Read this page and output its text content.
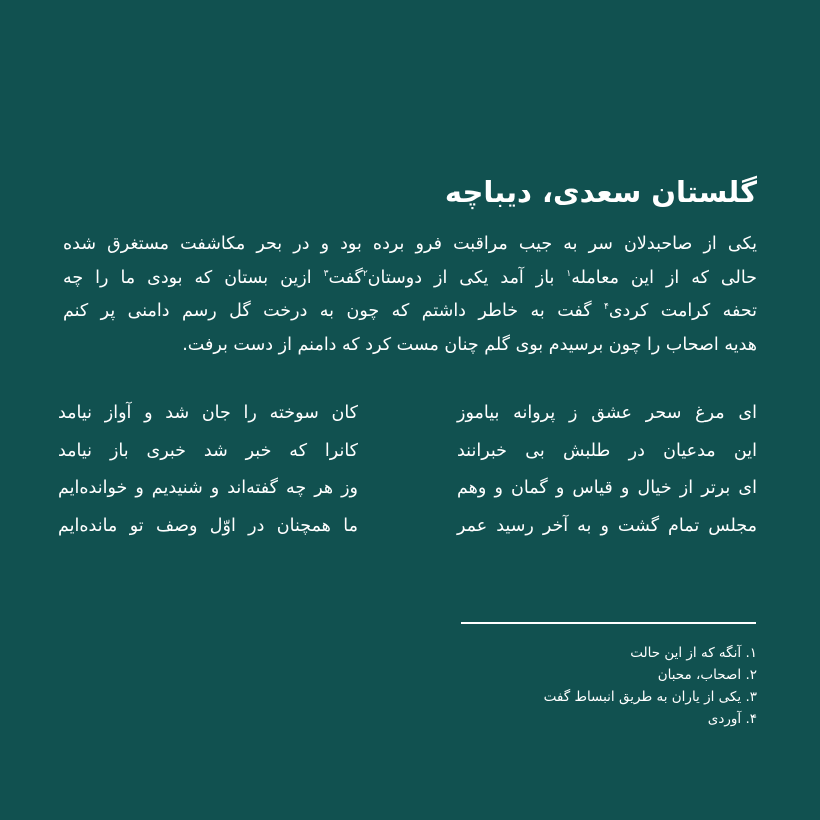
گلستان سعدی، دیباچه
یکی از صاحبدلان سر به جیب مراقبت فرو برده بود و در بحر مکاشفت مستغرق شده
حالی که از این معامله$^۱$ باز آمد یکی از دوستان$^۲$گفت$^۳$ ازین بستان که بودی ما را چه
تحفه کرامت کردی$^۴$ گفت به خاطر داشتم که چون به درخت گل رسم دامنی پر کنم
هدیه اصحاب را چون برسیدم بوی گلم چنان مست کرد که دامنم از دست برفت.
ای مرغ سحر عشق ز پروانه بیاموز
این مدعیان در طلبش بی خبرانند
ای برتر از خیال و قیاس و گمان و وهم
مجلس تمام گشت و به آخر رسید عمر
کان سوخته را جان شد و آواز نیامد
کانرا که خبر شد خبری باز نیامد
وز هر چه گفته‌اند و شنیدیم و خوانده‌ایم
ما همچنان در اوّل وصف تو مانده‌ایم
۱. آنگه که از این حالت
۲. اصحاب، محبان
۳. یکی از یاران به طریق انبساط گفت
۴. آوردی
